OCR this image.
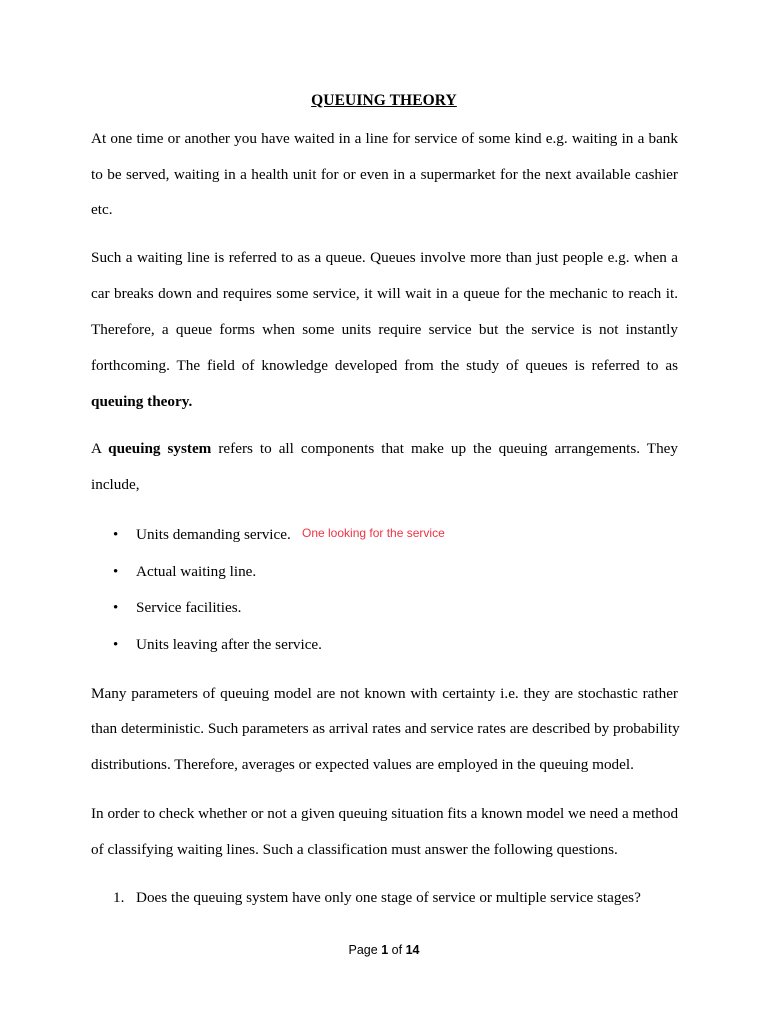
QUEUING THEORY
At one time or another you have waited in a line for service of some kind e.g. waiting in a bank
to be served, waiting in a health unit for or even in a supermarket for the next available cashier
etc.
Such a waiting line is referred to as a queue. Queues involve more than just people e.g. when a
car breaks down and requires some service, it will wait in a queue for the mechanic to reach it.
Therefore, a queue forms when some units require service but the service is not instantly
forthcoming. The field of knowledge developed from the study of queues is referred to as
queuing theory.
A queuing system refers to all components that make up the queuing arrangements. They
include,
• Units demanding service. One looking for the service
• Actual waiting line.
• Service facilities.
• Units leaving after the service.
Many parameters of queuing model are not known with certainty i.e. they are stochastic rather
than deterministic. Such parameters as arrival rates and service rates are described by probability
distributions. Therefore, averages or expected values are employed in the queuing model.
In order to check whether or not a given queuing situation fits a known model we need a method
of classifying waiting lines. Such a classification must answer the following questions.
1. Does the queuing system have only one stage of service or multiple service stages?
Page 1 of 14
